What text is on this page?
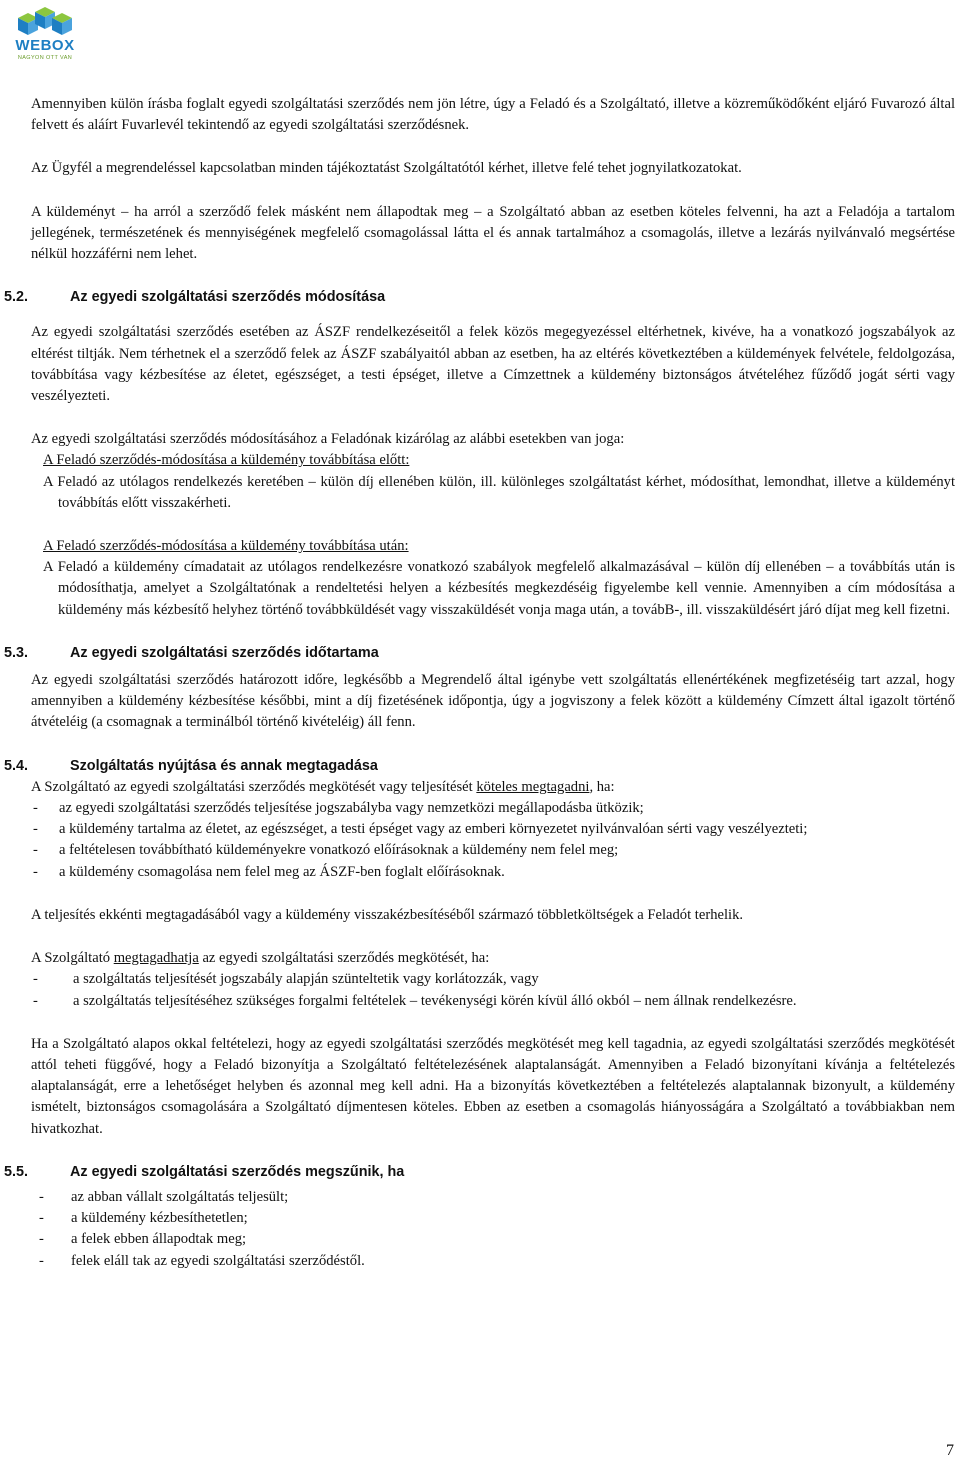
WEBOX
NAGYON OTT VAN

Amennyiben külön írásba foglalt egyedi szolgáltatási szerződés nem jön létre, úgy a Feladó és a Szolgáltató, illetve a közreműködőként eljáró Fuvarozó által felvett és aláírt Fuvarlevél tekintendő az egyedi szolgáltatási szerződésnek.

Az Ügyfél a megrendeléssel kapcsolatban minden tájékoztatást Szolgáltatótól kérhet, illetve felé tehet jognyilatkozatokat.

A küldeményt – ha arról a szerződő felek másként nem állapodtak meg – a Szolgáltató abban az esetben köteles felvenni, ha azt a Feladója a tartalom jellegének, természetének és mennyiségének megfelelő csomagolással látta el és annak tartalmához a csomagolás, illetve a lezárás nyilvánvaló megsértése nélkül hozzáférni nem lehet.

5.2.	Az egyedi szolgáltatási szerződés módosítása

Az egyedi szolgáltatási szerződés esetében az ÁSZF rendelkezéseitől a felek közös megegyezéssel eltérhetnek, kivéve, ha a vonatkozó jogszabályok az eltérést tiltják. Nem térhetnek el a szerződő felek az ÁSZF szabályaitól abban az esetben, ha az eltérés következtében a küldemények felvétele, feldolgozása, továbbítása vagy kézbesítése az életet, egészséget, a testi épséget, illetve a Címzettnek a küldemény biztonságos átvételéhez fűződő jogát sérti vagy veszélyezteti.

Az egyedi szolgáltatási szerződés módosításához a Feladónak kizárólag az alábbi esetekben van joga:

A Feladó szerződés-módosítása a küldemény továbbítása előtt:

A Feladó az utólagos rendelkezés keretében – külön díj ellenében külön, ill. különleges szolgáltatást kérhet, módosíthat, lemondhat, illetve a küldeményt továbbítás előtt visszakérheti.

A Feladó szerződés-módosítása a küldemény továbbítása után:

A Feladó a küldemény címadatait az utólagos rendelkezésre vonatkozó szabályok megfelelő alkalmazásával – külön díj ellenében – a továbbítás után is módosíthatja, amelyet a Szolgáltatónak a rendeltetési helyen a kézbesítés megkezdéséig figyelembe kell vennie. Amennyiben a cím módosítása a küldemény más kézbesítő helyhez történő továbbküldését vagy visszaküldését vonja maga után, a továbB-, ill. visszaküldésért járó díjat meg kell fizetni.

5.3.	Az egyedi szolgáltatási szerződés időtartama

Az egyedi szolgáltatási szerződés határozott időre, legkésőbb a Megrendelő által igénybe vett szolgáltatás ellenértékének megfizetéséig tart azzal, hogy amennyiben a küldemény kézbesítése későbbi, mint a díj fizetésének időpontja, úgy a jogviszony a felek között a küldemény Címzett által igazolt történő átvételéig (a csomagnak a terminálból történő kivételéig) áll fenn.

5.4.	Szolgáltatás nyújtása és annak megtagadása

A Szolgáltató az egyedi szolgáltatási szerződés megkötését vagy teljesítését köteles megtagadni, ha:

-	az egyedi szolgáltatási szerződés teljesítése jogszabályba vagy nemzetközi megállapodásba ütközik;
-	a küldemény tartalma az életet, az egészséget, a testi épséget vagy az emberi környezetet nyilvánvalóan sérti vagy veszélyezteti;
-	a feltételesen továbbítható küldeményekre vonatkozó előírásoknak a küldemény nem felel meg;
-	a küldemény csomagolása nem felel meg az ÁSZF-ben foglalt előírásoknak.

A teljesítés ekkénti megtagadásából vagy a küldemény visszakézbesítéséből származó többletköltségek a Feladót terhelik.

A Szolgáltató megtagadhatja az egyedi szolgáltatási szerződés megkötését, ha:

-	a szolgáltatás teljesítését jogszabály alapján szünteltetik vagy korlátozzák, vagy

- a szolgáltatás teljesítéséhez szükséges forgalmi feltételek – tevékenységi körén kívül álló okból – nem állnak rendelkezésre.

Ha a Szolgáltató alapos okkal feltételezi, hogy az egyedi szolgáltatási szerződés megkötését meg kell tagadnia, az egyedi szolgáltatási szerződés megkötését attól teheti függővé, hogy a Feladó bizonyítja a Szolgáltató feltételezésének alaptalanságát. Amennyiben a Feladó bizonyítani kívánja a feltételezés alaptalanságát, erre a lehetőséget helyben és azonnal meg kell adni. Ha a bizonyítás következtében a feltételezés alaptalannak bizonyult, a küldemény ismételt, biztonságos csomagolására a Szolgáltató díjmentesen köteles. Ebben az esetben a csomagolás hiányosságára a Szolgáltató a továbbiakban nem hivatkozhat.

5.5.	Az egyedi szolgáltatási szerződés megszűnik, ha
-	az abban vállalt szolgáltatás teljesült;
-	a küldemény kézbesíthetetlen;
-	a felek ebben állapodtak meg;
-	felek eláll tak az egyedi szolgáltatási szerződéstől.
7
